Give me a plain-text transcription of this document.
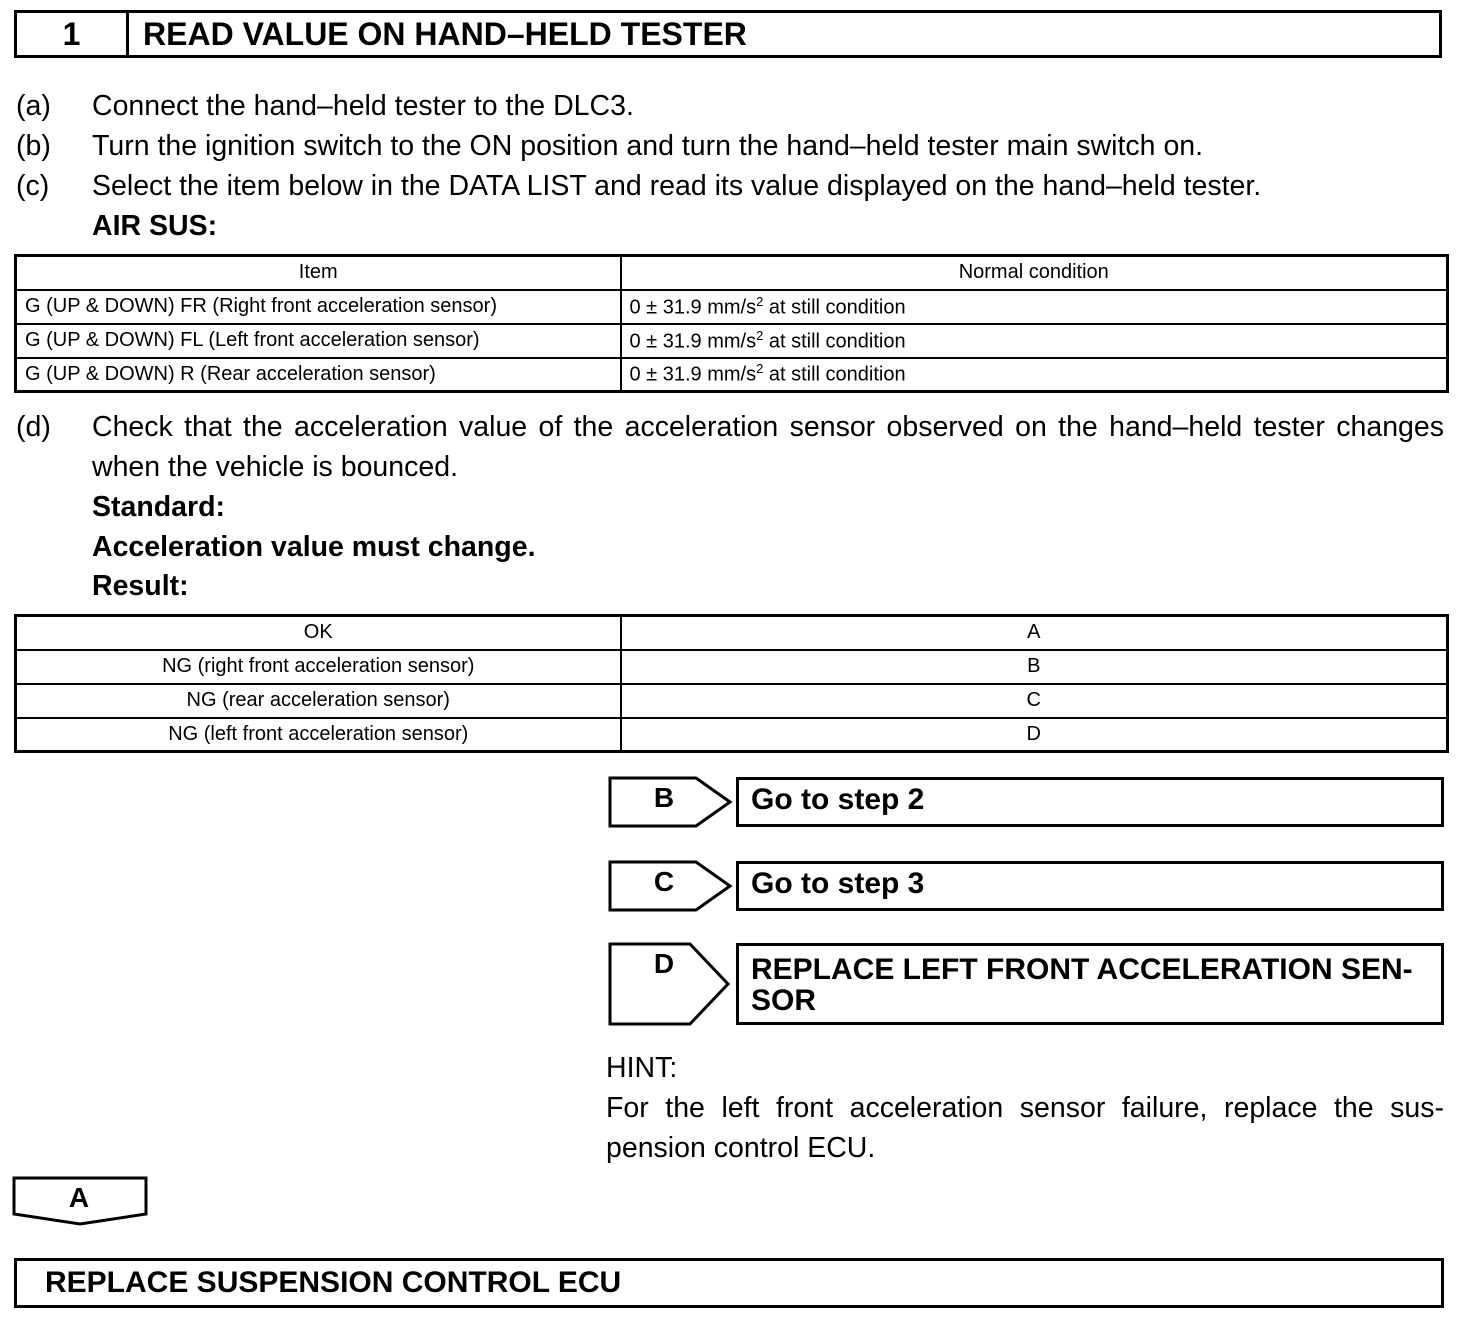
1	READ VALUE ON HAND–HELD TESTER
(a)	Connect the hand–held tester to the DLC3.
(b)	Turn the ignition switch to the ON position and turn the hand–held tester main switch on.
(c)	Select the item below in the DATA LIST and read its value displayed on the hand–held tester.
AIR SUS:
Item	Normal condition
G (UP & DOWN) FR (Right front acceleration sensor)	0 ± 31.9 $mm/s^2$ at still condition
G (UP & DOWN) FL (Left front acceleration sensor)	0 ± 31.9 $mm/s^2$ at still condition
G (UP & DOWN) R (Rear acceleration sensor)	0 ± 31.9 $mm/s^2$ at still condition
(d)	Check that the acceleration value of the acceleration sensor observed on the hand–held tester changes when the vehicle is bounced.
Standard:
Acceleration value must change.
Result:
OK	A
NG (right front acceleration sensor)	B
NG (rear acceleration sensor)	C
NG (left front acceleration sensor)	D
B	Go to step 2
C	Go to step 3
D	REPLACE LEFT FRONT ACCELERATION SEN-
SOR
HINT:
For the left front acceleration sensor failure, replace the sus-pension control ECU.
A
REPLACE SUSPENSION CONTROL ECU
